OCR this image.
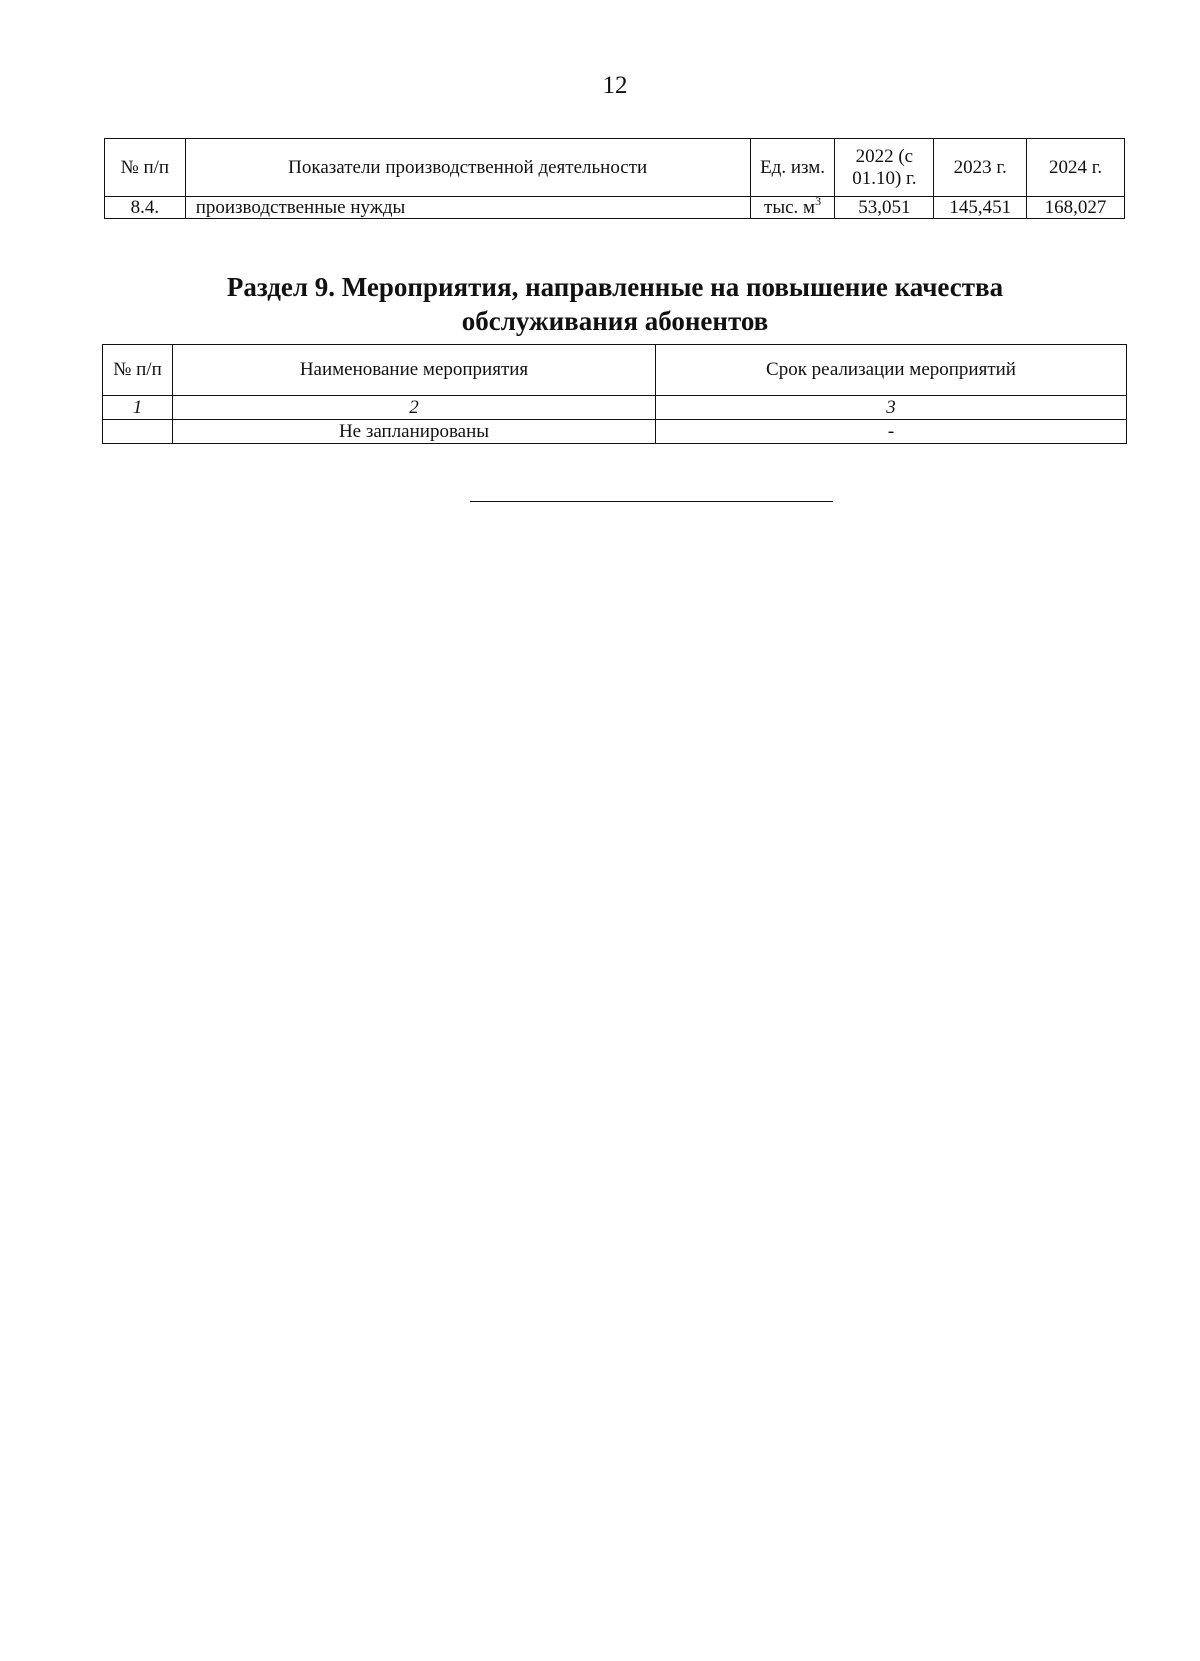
12
№ п/п	Показатели производственной деятельности	Ед. изм.	2022 (с 01.10) г.	2023 г.	2024 г.
8.4.	производственные нужды	тыс. $м^3$	53,051	145,451	168,027
Раздел 9. Мероприятия, направленные на повышение качества
обслуживания абонентов
№ п/п	Наименование мероприятия	Срок реализации мероприятий
1	2	3
	Не запланированы	-
